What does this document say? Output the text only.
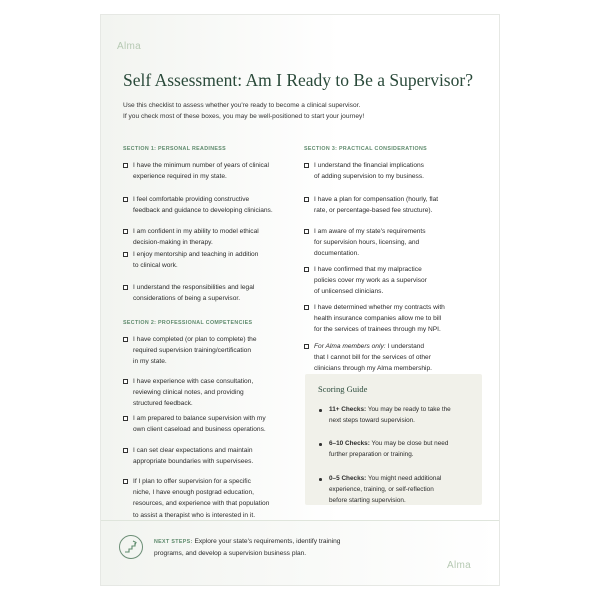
Alma
Self Assessment: Am I Ready to Be a Supervisor?
Use this checklist to assess whether you're ready to become a clinical supervisor.
If you check most of these boxes, you may be well-positioned to start your journey!
SECTION 1: PERSONAL READINESS
I have the minimum number of years of clinical
experience required in my state.
I feel comfortable providing constructive
feedback and guidance to developing clinicians.
I am confident in my ability to model ethical
decision-making in therapy.
I enjoy mentorship and teaching in addition
to clinical work.
I understand the responsibilities and legal
considerations of being a supervisor.
SECTION 2: PROFESSIONAL COMPETENCIES
I have completed (or plan to complete) the
required supervision training/certification
in my state.
I have experience with case consultation,
reviewing clinical notes, and providing
structured feedback.
I am prepared to balance supervision with my
own client caseload and business operations.
I can set clear expectations and maintain
appropriate boundaries with supervisees.
If I plan to offer supervision for a specific
niche, I have enough postgrad education,
resources, and experience with that population
to assist a therapist who is interested in it.
SECTION 3: PRACTICAL CONSIDERATIONS
I understand the financial implications
of adding supervision to my business.
I have a plan for compensation (hourly, flat
rate, or percentage-based fee structure).
I am aware of my state's requirements
for supervision hours, licensing, and
documentation.
I have confirmed that my malpractice
policies cover my work as a supervisor
of unlicensed clinicians.
I have determined whether my contracts with
health insurance companies allow me to bill
for the services of trainees through my NPI.
For Alma members only: I understand
that I cannot bill for the services of other
clinicians through my Alma membership.
Scoring Guide
11+ Checks: You may be ready to take the
next steps toward supervision.
6–10 Checks: You may be close but need
further preparation or training.
0–5 Checks: You might need additional
experience, training, or self-reflection
before starting supervision.
NEXT STEPS: Explore your state's requirements, identify training
programs, and develop a supervision business plan.
Alma
